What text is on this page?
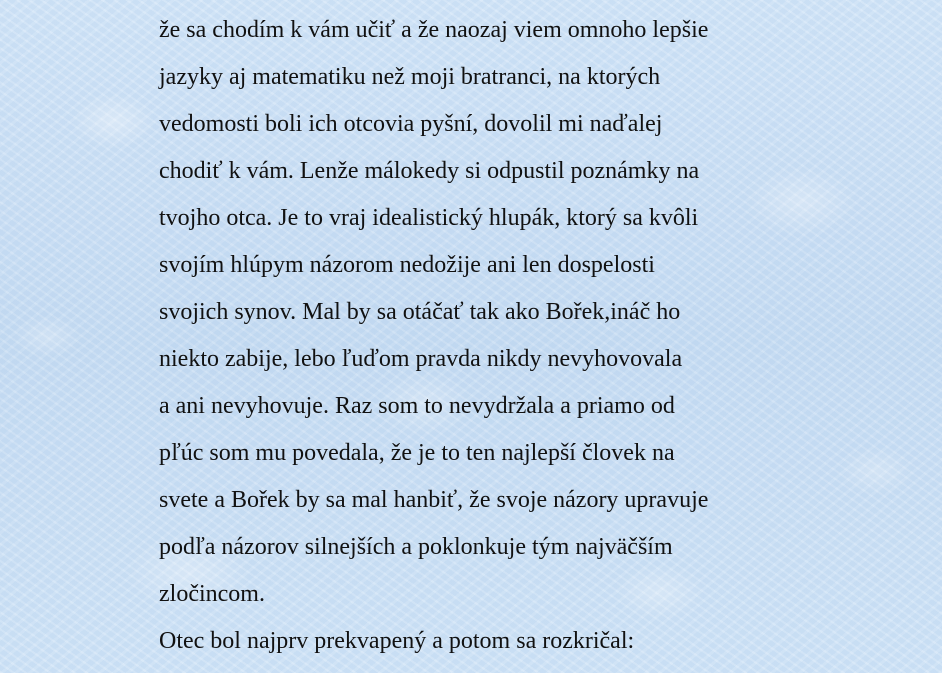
že sa chodím k vám učiť a že naozaj viem omnoho lepšie

jazyky aj matematiku než moji bratranci, na ktorých

vedomosti boli ich otcovia pyšní, dovolil mi naďalej

chodiť k vám. Lenže málokedy si odpustil poznámky na

tvojho otca. Je to vraj idealistický hlupák, ktorý sa kvôli

svojím hlúpym názorom nedožije ani len dospelosti

svojich synov. Mal by sa otáčať tak ako Bořek,ináč ho

niekto zabije, lebo ľuďom pravda nikdy nevyhovovala

a ani nevyhovuje. Raz som to nevydržala a priamo od

pľúc som mu povedala, že je to ten najlepší človek na

svete a Bořek by sa mal hanbiť, že svoje názory upravuje

podľa názorov silnejších a poklonkuje tým najväčším

zločincom.

Otec bol najprv prekvapený a potom sa rozkričal:
